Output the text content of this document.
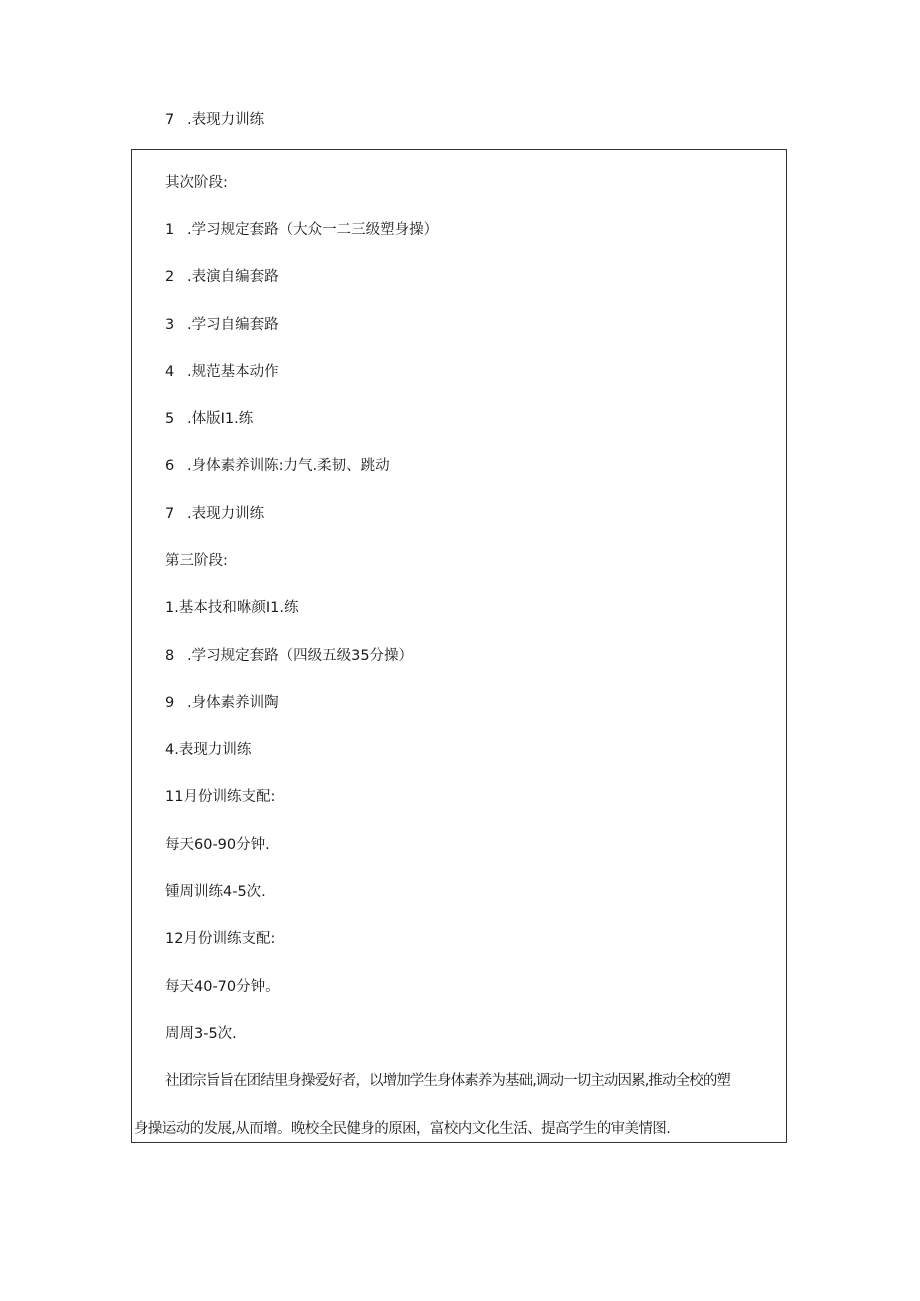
7 .表现力训练
其次阶段:
1 .学习规定套路（大众一二三级塑身操）
2 .表演自编套路
3 .学习自编套路
4 .规范基本动作
5 .体版I1.练
6 .身体素养训陈:力气.柔韧、跳动
7 .表现力训练
第三阶段:
1.基本技和咻颜I1.练
8 .学习规定套路（四级五级35分操）
9 .身体素养训陶
4.表现力训练
11月份训练支配:
每天60-90分钟.
锺周训练4-5次.
12月份训练支配:
每天40-70分钟。
周周3-5次.
社团宗旨旨在团结里身操爱好者，以增加学生身体素养为基础,调动一切主动因累,推动全校的塑
身操运动的发展,从而增。晚校全民健身的原困，富校内文化生活、提高学生的审美情图.
